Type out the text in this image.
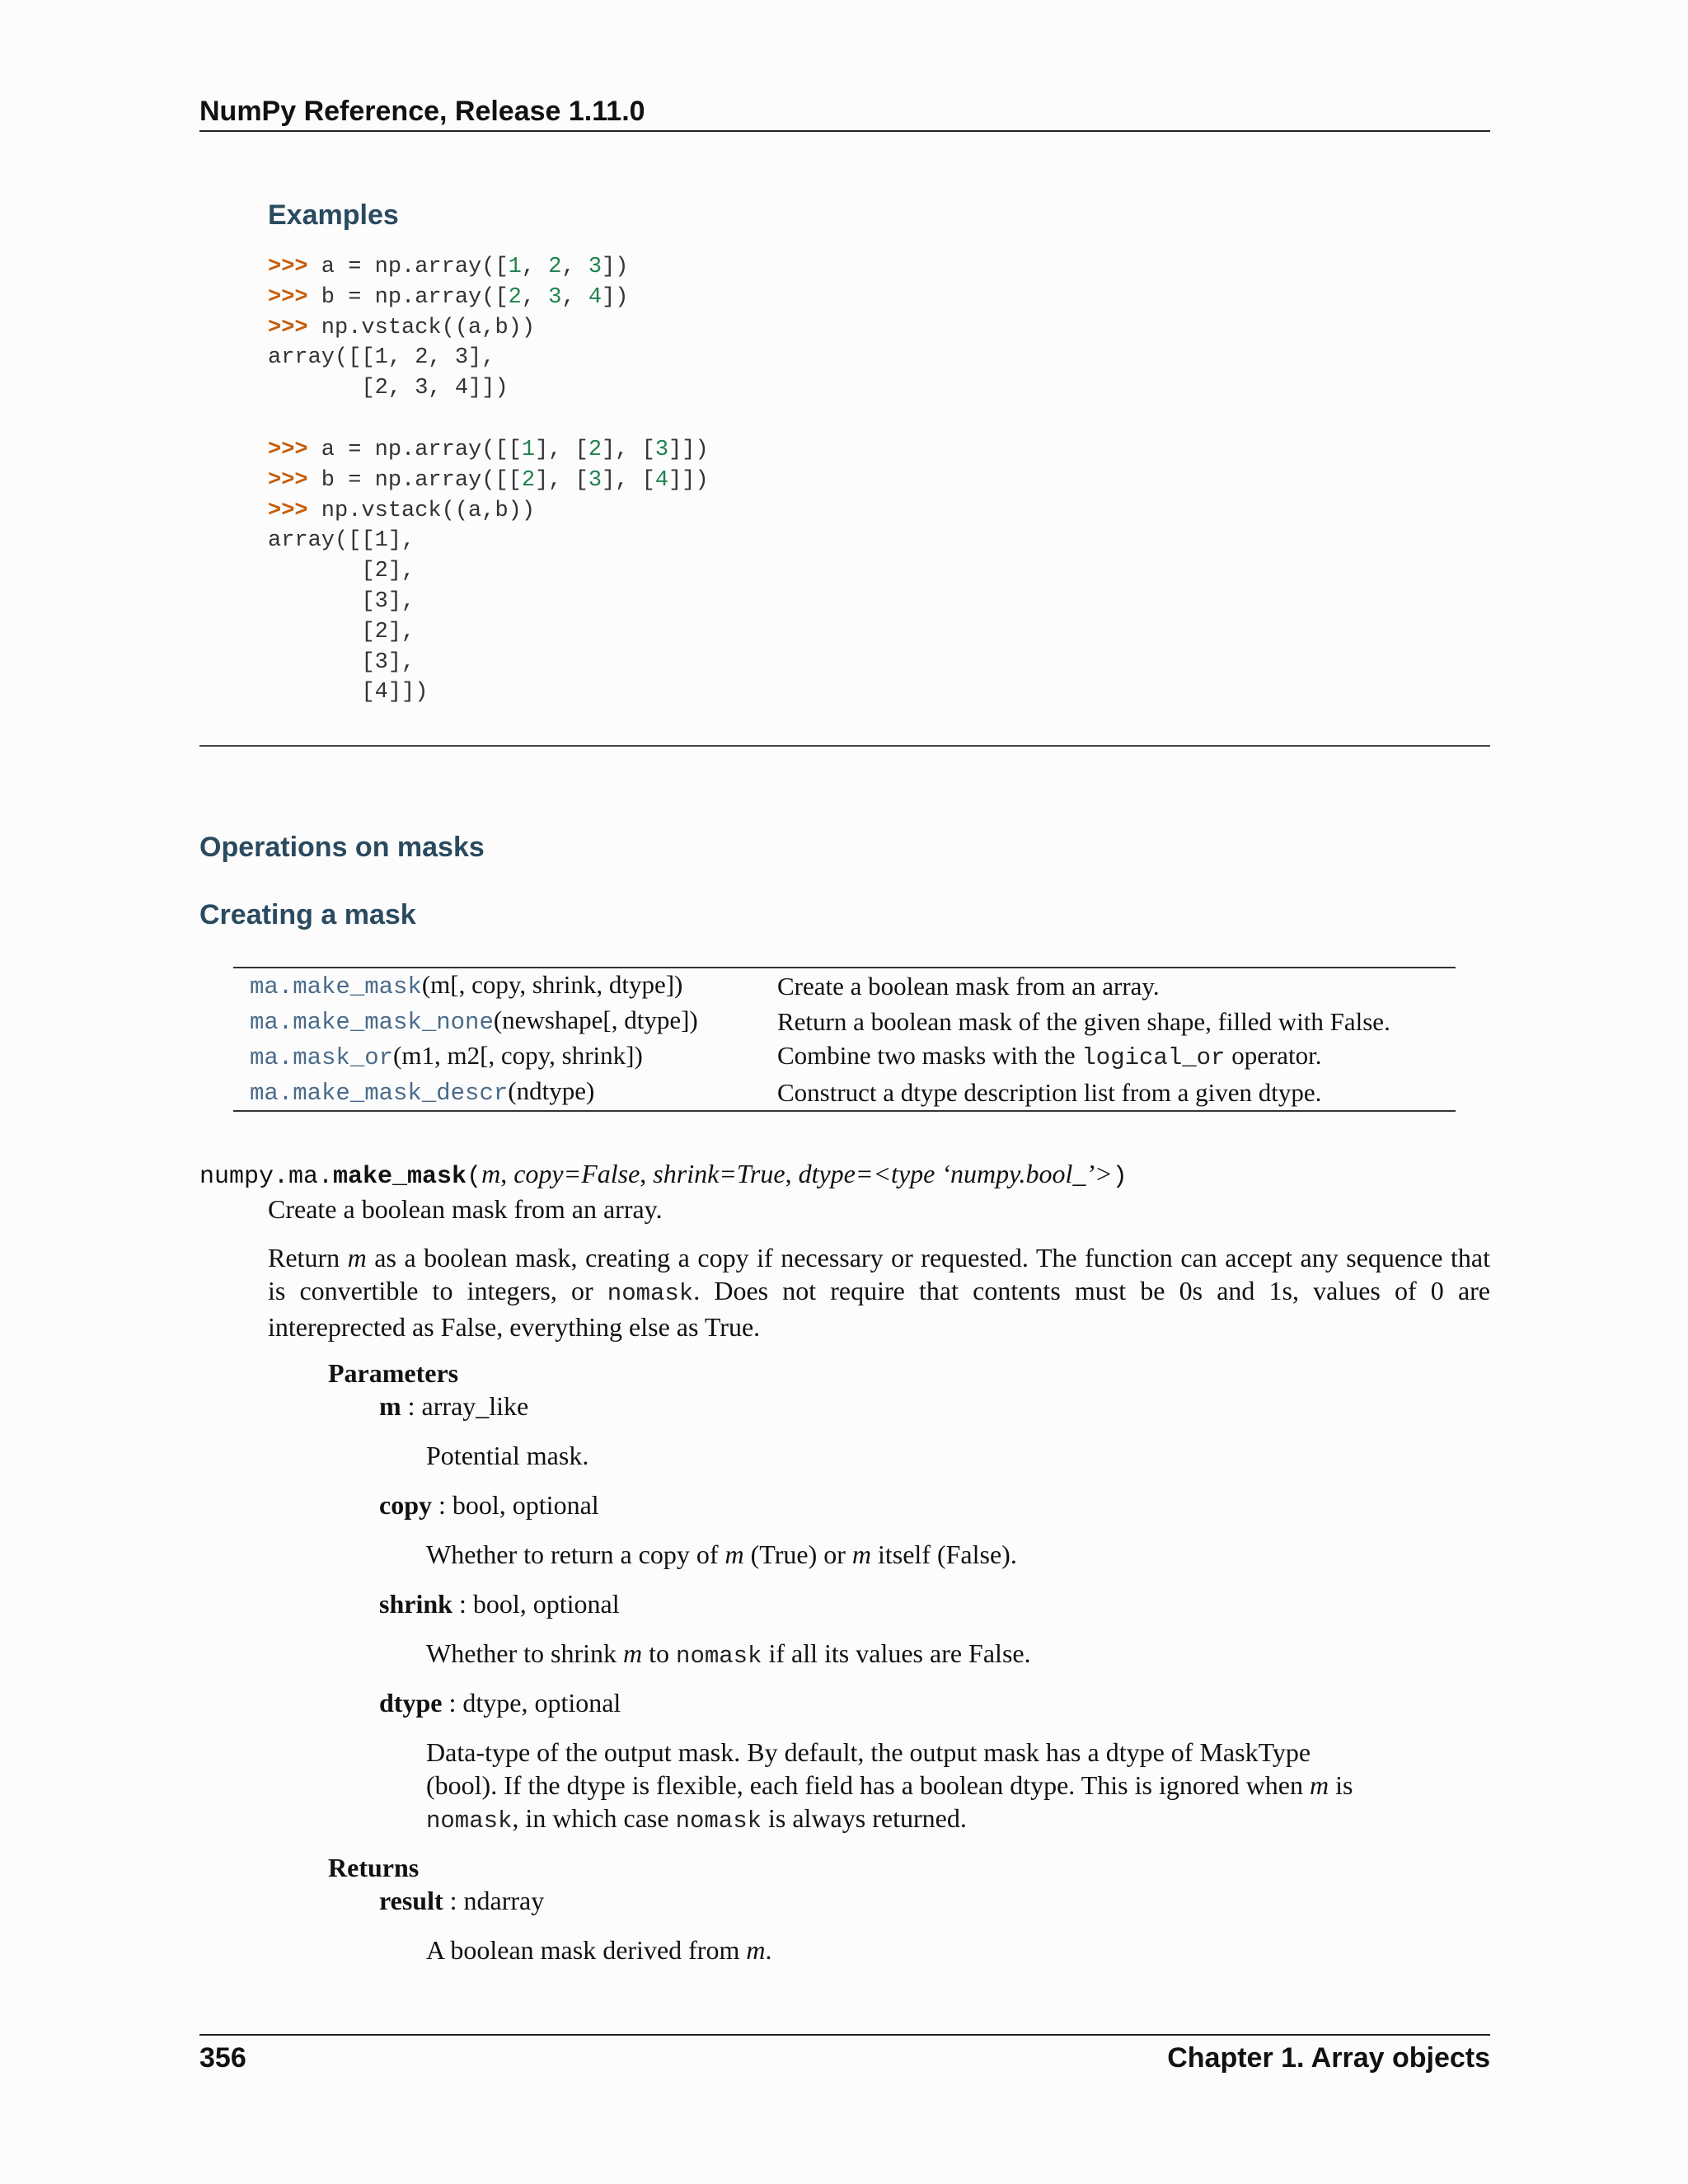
NumPy Reference, Release 1.11.0
Examples
>>> a = np.array([1, 2, 3])
>>> b = np.array([2, 3, 4])
>>> np.vstack((a,b))
array([[1, 2, 3],
[2, 3, 4]])
>>> a = np.array([[1], [2], [3]])
>>> b = np.array([[2], [3], [4]])
>>> np.vstack((a,b))
array([[1],
[2],
[3],
[2],
[3],
[4]])
Operations on masks
Creating a mask
ma.make_mask(m[, copy, shrink, dtype])	Create a boolean mask from an array.
ma.make_mask_none(newshape[, dtype])	Return a boolean mask of the given shape, filled with False.
ma.mask_or(m1, m2[, copy, shrink])	Combine two masks with the logical_or operator.
ma.make_mask_descr(ndtype)	Construct a dtype description list from a given dtype.
numpy.ma.make_mask(m, copy=False, shrink=True, dtype=<type ‘numpy.bool_’>)
Create a boolean mask from an array.
Return m as a boolean mask, creating a copy if necessary or requested. The function can accept any sequence that is convertible to integers, or nomask. Does not require that contents must be 0s and 1s, values of 0 are intereprected as False, everything else as True.
Parameters
m : array_like
Potential mask.
copy : bool, optional
Whether to return a copy of m (True) or m itself (False).
shrink : bool, optional
Whether to shrink m to nomask if all its values are False.
dtype : dtype, optional
Data-type of the output mask. By default, the output mask has a dtype of MaskType (bool). If the dtype is flexible, each field has a boolean dtype. This is ignored when m is nomask, in which case nomask is always returned.
Returns
result : ndarray
A boolean mask derived from m.
356	Chapter 1. Array objects
